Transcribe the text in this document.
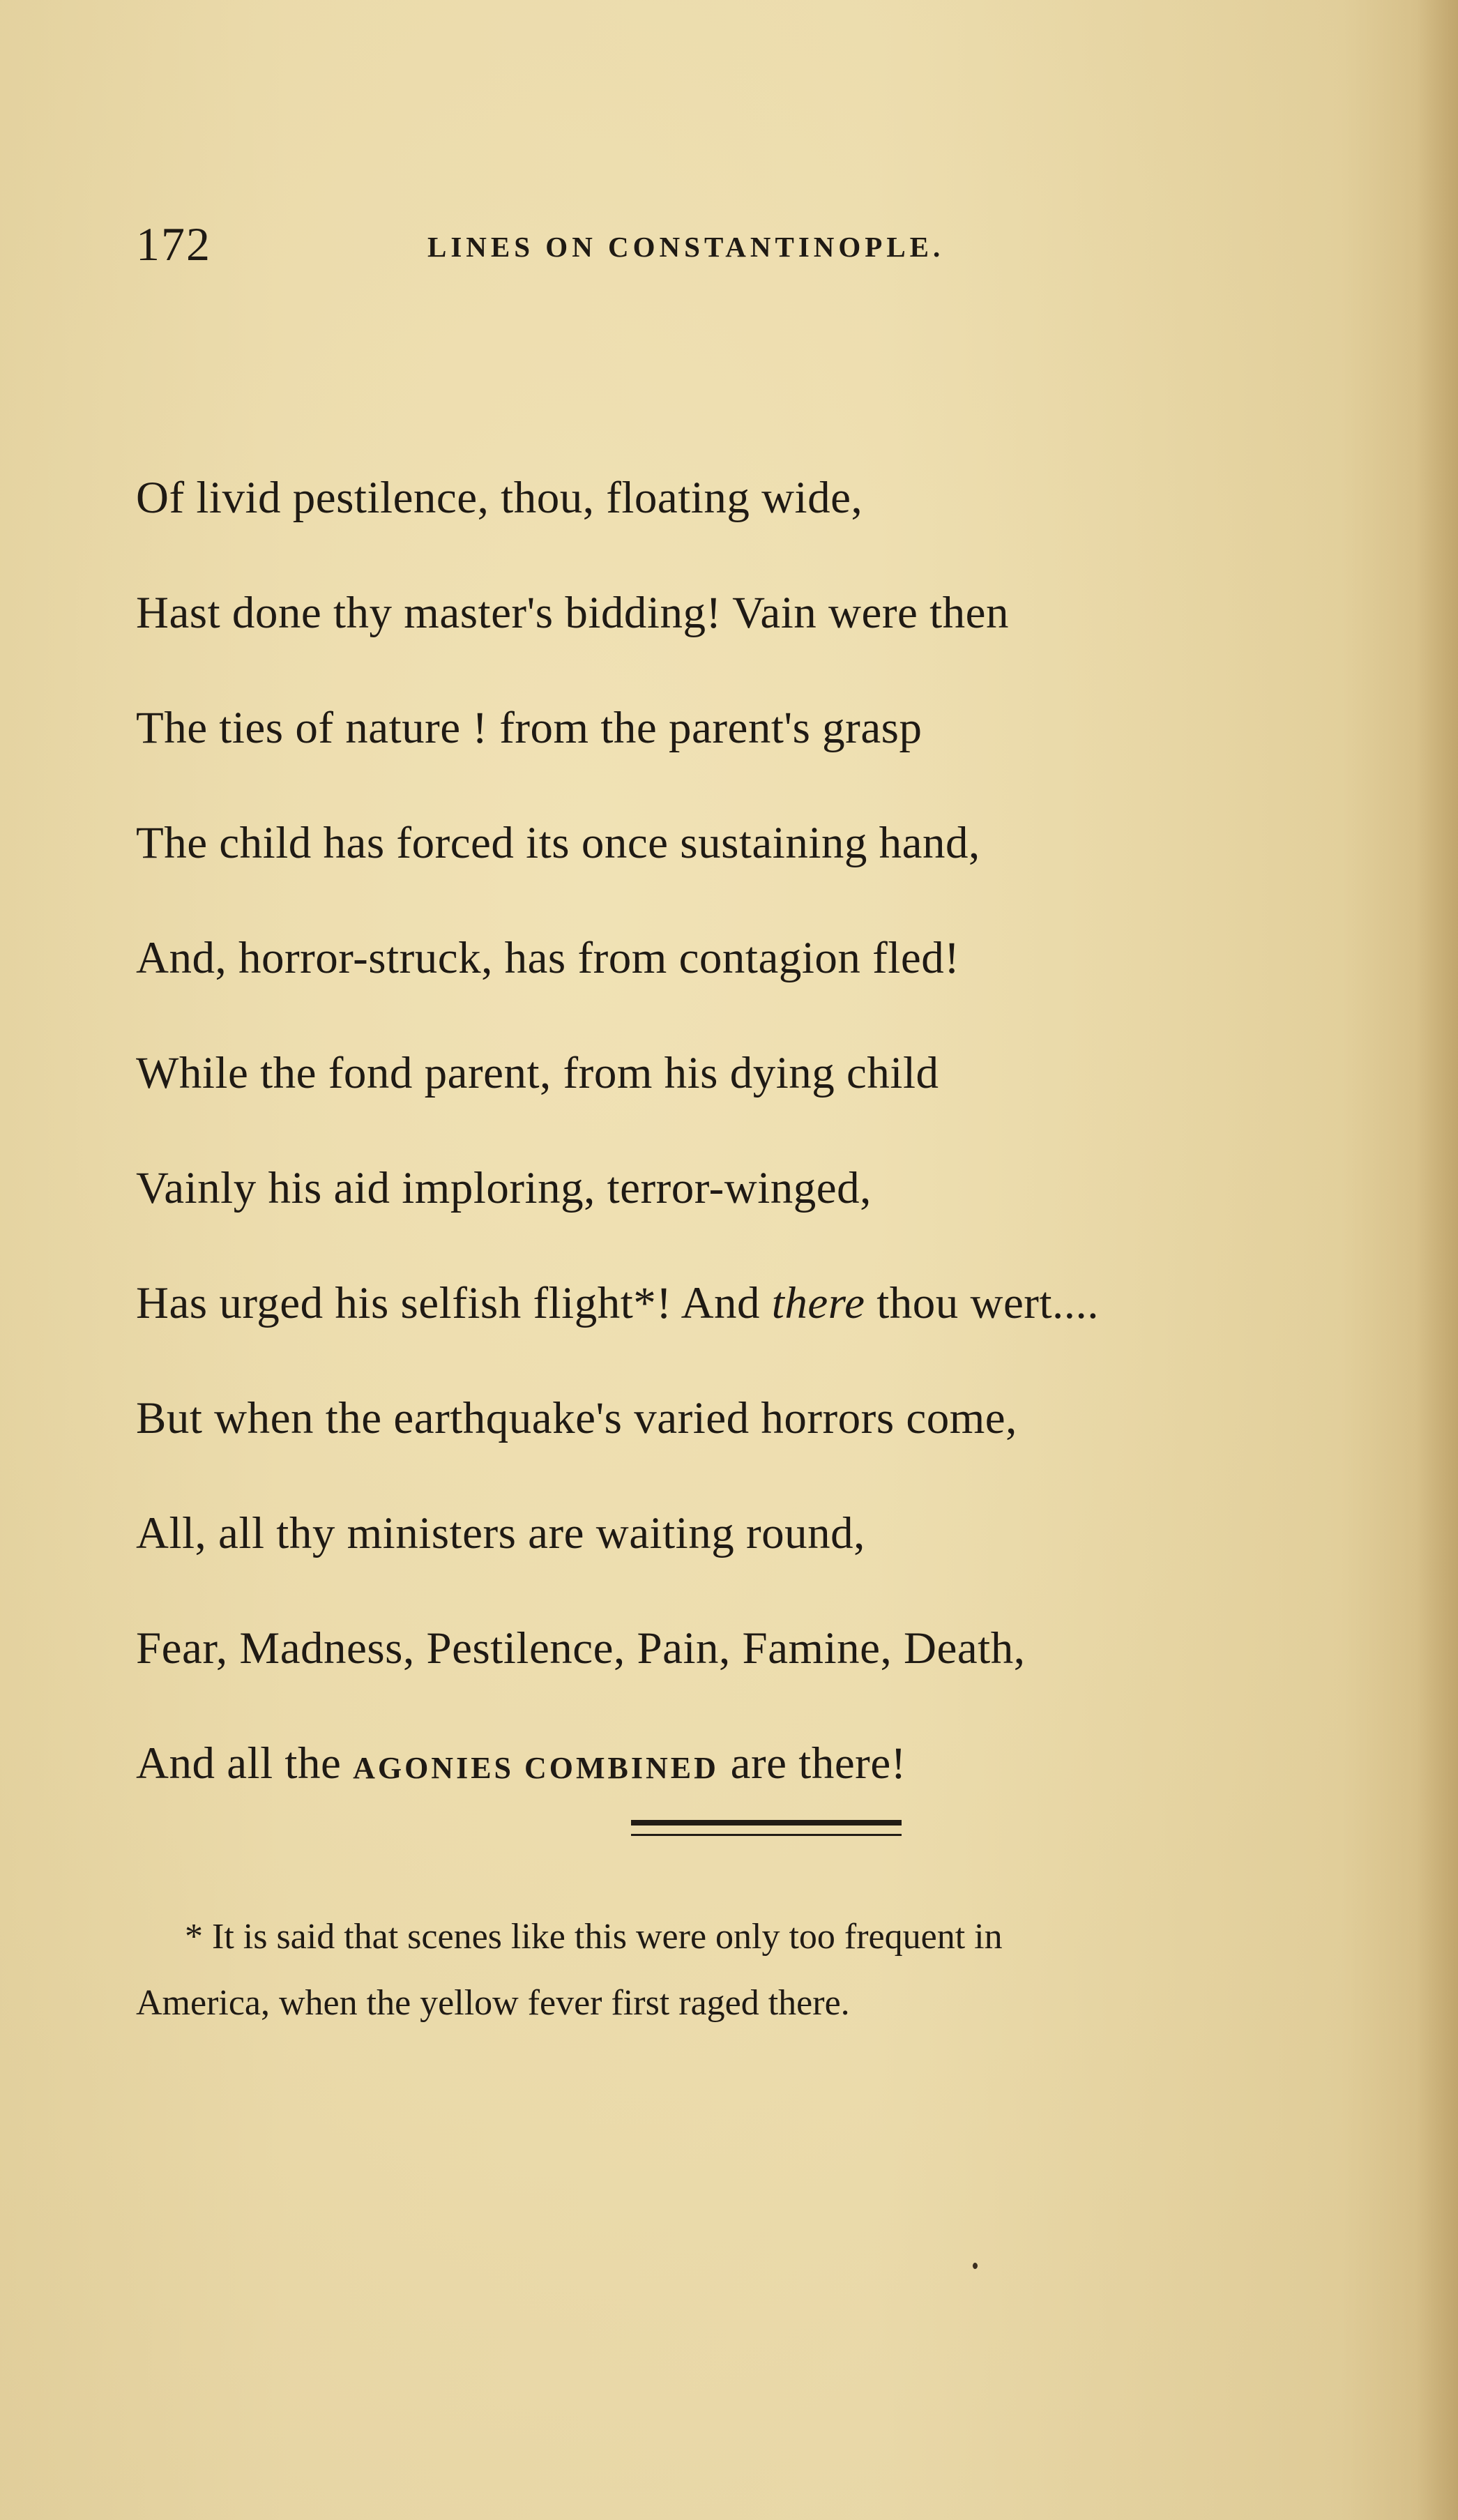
172	LINES ON CONSTANTINOPLE.
Of livid pestilence, thou, floating wide,
Hast done thy master's bidding! Vain were then
The ties of nature ! from the parent's grasp
The child has forced its once sustaining hand,
And, horror-struck, has from contagion fled!
While the fond parent, from his dying child
Vainly his aid imploring, terror-winged,
Has urged his selfish flight*! And there thou wert....
But when the earthquake's varied horrors come,
All, all thy ministers are waiting round,
Fear, Madness, Pestilence, Pain, Famine, Death,
And all the AGONIES COMBINED are there!
* It is said that scenes like this were only too frequent in
America, when the yellow fever first raged there.
